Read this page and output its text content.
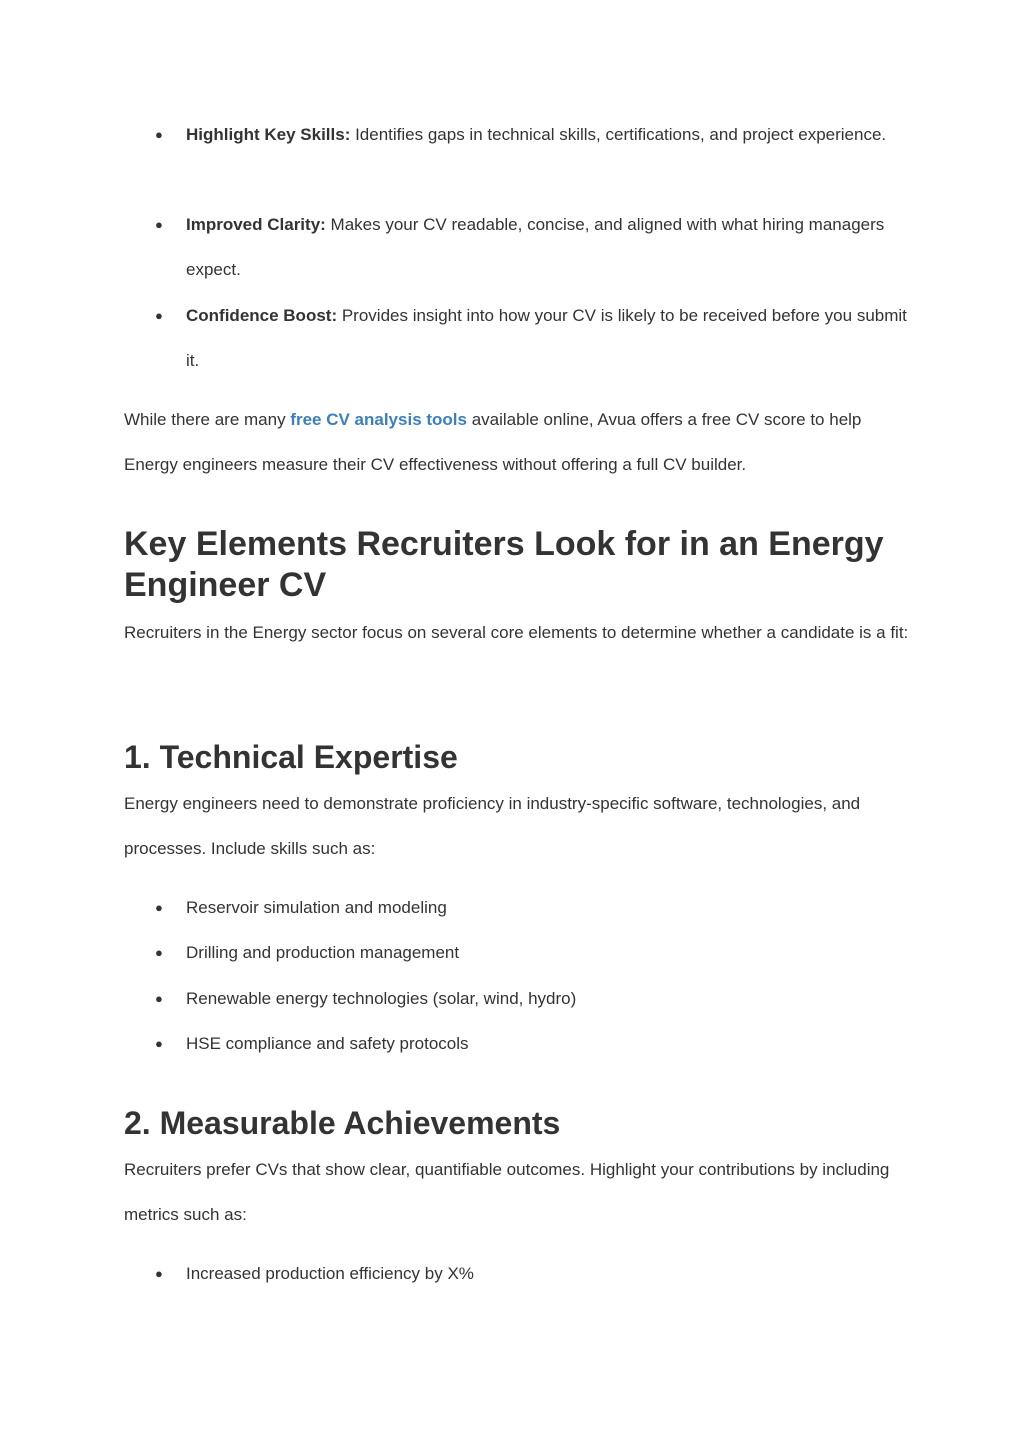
● Highlight Key Skills: Identifies gaps in technical skills, certifications, and project experience.

● Improved Clarity: Makes your CV readable, concise, and aligned with what hiring managers expect.

● Confidence Boost: Provides insight into how your CV is likely to be received before you submit it.

While there are many free CV analysis tools available online, Avua offers a free CV score to help Energy engineers measure their CV effectiveness without offering a full CV builder.

Key Elements Recruiters Look for in an Energy Engineer CV

Recruiters in the Energy sector focus on several core elements to determine whether a candidate is a fit:

1. Technical Expertise

Energy engineers need to demonstrate proficiency in industry-specific software, technologies, and processes. Include skills such as:

● Reservoir simulation and modeling

● Drilling and production management

● Renewable energy technologies (solar, wind, hydro)

● HSE compliance and safety protocols

2. Measurable Achievements

Recruiters prefer CVs that show clear, quantifiable outcomes. Highlight your contributions by including metrics such as:

● Increased production efficiency by X%
